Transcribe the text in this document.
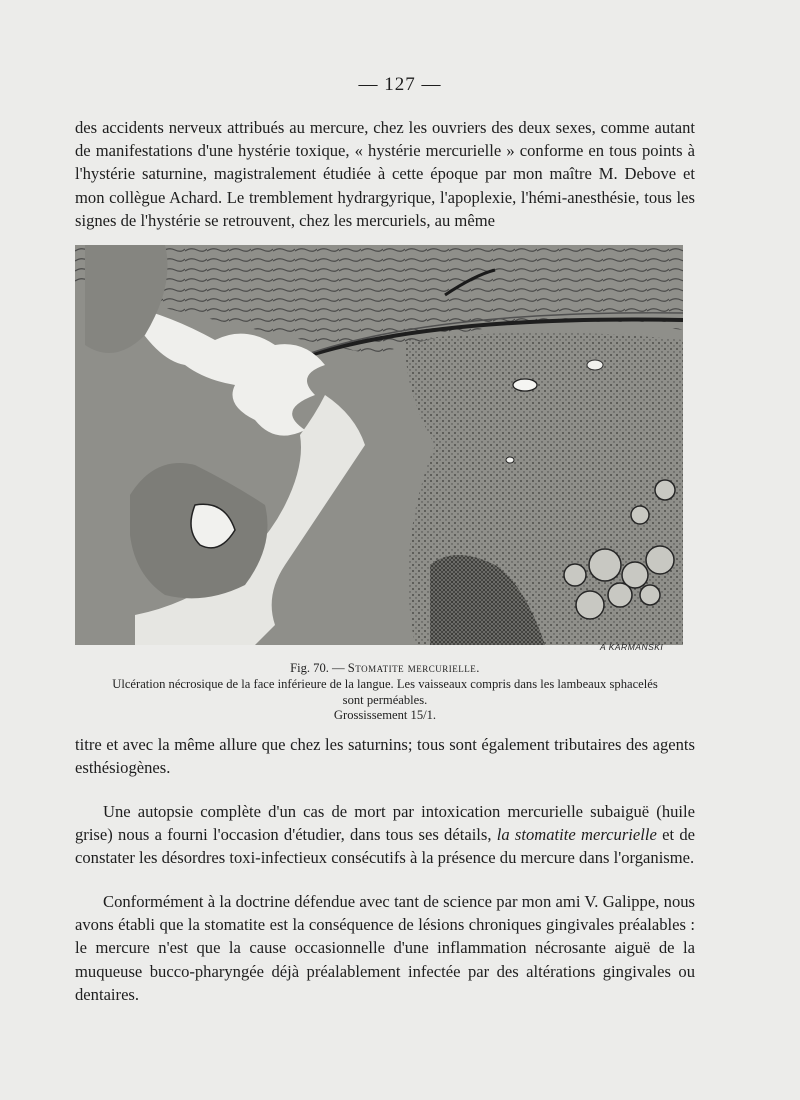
— 127 —

des accidents nerveux attribués au mercure, chez les ouvriers des deux sexes, comme autant de manifestations d'une hystérie toxique, « hystérie mercurielle » conforme en tous points à l'hystérie saturnine, magistralement étudiée à cette époque par mon maître M. Debove et mon collègue Achard. Le tremblement hydrargyrique, l'apoplexie, l'hémi-anesthésie, tous les signes de l'hystérie se retrouvent, chez les mercuriels, au même

A KARMANSKI
Fig. 70. — Stomatite mercurielle.
Ulcération nécrosique de la face inférieure de la langue. Les vaisseaux compris dans les lambeaux sphacelés sont perméables.
Grossissement 15/1.

titre et avec la même allure que chez les saturnins; tous sont également tributaires des agents esthésiogènes.

Une autopsie complète d'un cas de mort par intoxication mercurielle subaiguë (huile grise) nous a fourni l'occasion d'étudier, dans tous ses détails, la stomatite mercurielle et de constater les désordres toxi-infectieux consécutifs à la présence du mercure dans l'organisme.

Conformément à la doctrine défendue avec tant de science par mon ami V. Galippe, nous avons établi que la stomatite est la conséquence de lésions chroniques gingivales préalables : le mercure n'est que la cause occasionnelle d'une inflammation nécrosante aiguë de la muqueuse bucco-pharyngée déjà préalablement infectée par des altérations gingivales ou dentaires.
